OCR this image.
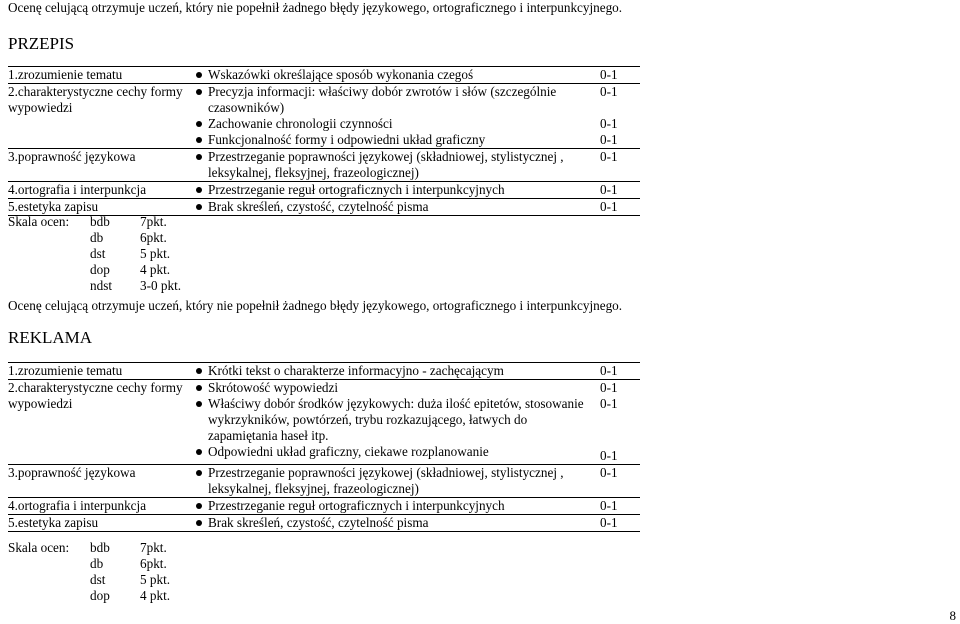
Ocenę celującą otrzymuje uczeń, który nie popełnił żadnego błędy językowego, ortograficznego i interpunkcyjnego.
PRZEPIS
1.zrozumienie tematu		Wskazówki określające sposób wykonania czegoś	0-1
2.charakterystyczne cechy formy wypowiedzi		Precyzja informacji: właściwy dobór zwrotów i słów (szczególnie czasowników)	0-1
		Zachowanie chronologii czynności	0-1
		Funkcjonalność formy i odpowiedni układ graficzny	0-1
3.poprawność językowa		Przestrzeganie poprawności językowej (składniowej, stylistycznej , leksykalnej, fleksyjnej, frazeologicznej)	0-1
4.ortografia i interpunkcja		Przestrzeganie reguł ortograficznych i interpunkcyjnych	0-1
5.estetyka zapisu		Brak skreśleń, czystość, czytelność pisma	0-1
Skala ocen:	bdb	7pkt.
	db	6pkt.
	dst	5 pkt.
	dop	4 pkt.
	ndst	3-0 pkt.
Ocenę celującą otrzymuje uczeń, który nie popełnił żadnego błędy językowego, ortograficznego i interpunkcyjnego.
REKLAMA
1.zrozumienie tematu		Krótki tekst o charakterze informacyjno - zachęcającym	0-1
2.charakterystyczne cechy formy wypowiedzi		Skrótowość wypowiedzi	0-1
		Właściwy dobór środków językowych: duża ilość epitetów, stosowanie wykrzykników, powtórzeń, trybu rozkazującego, łatwych do zapamiętania haseł itp.	0-1
		Odpowiedni układ graficzny, ciekawe rozplanowanie	0-1
3.poprawność językowa		Przestrzeganie poprawności językowej (składniowej, stylistycznej , leksykalnej, fleksyjnej, frazeologicznej)	0-1
4.ortografia i interpunkcja		Przestrzeganie reguł ortograficznych i interpunkcyjnych	0-1
5.estetyka zapisu		Brak skreśleń, czystość, czytelność pisma	0-1
Skala ocen:	bdb	7pkt.
	db	6pkt.
	dst	5 pkt.
	dop	4 pkt.
8
